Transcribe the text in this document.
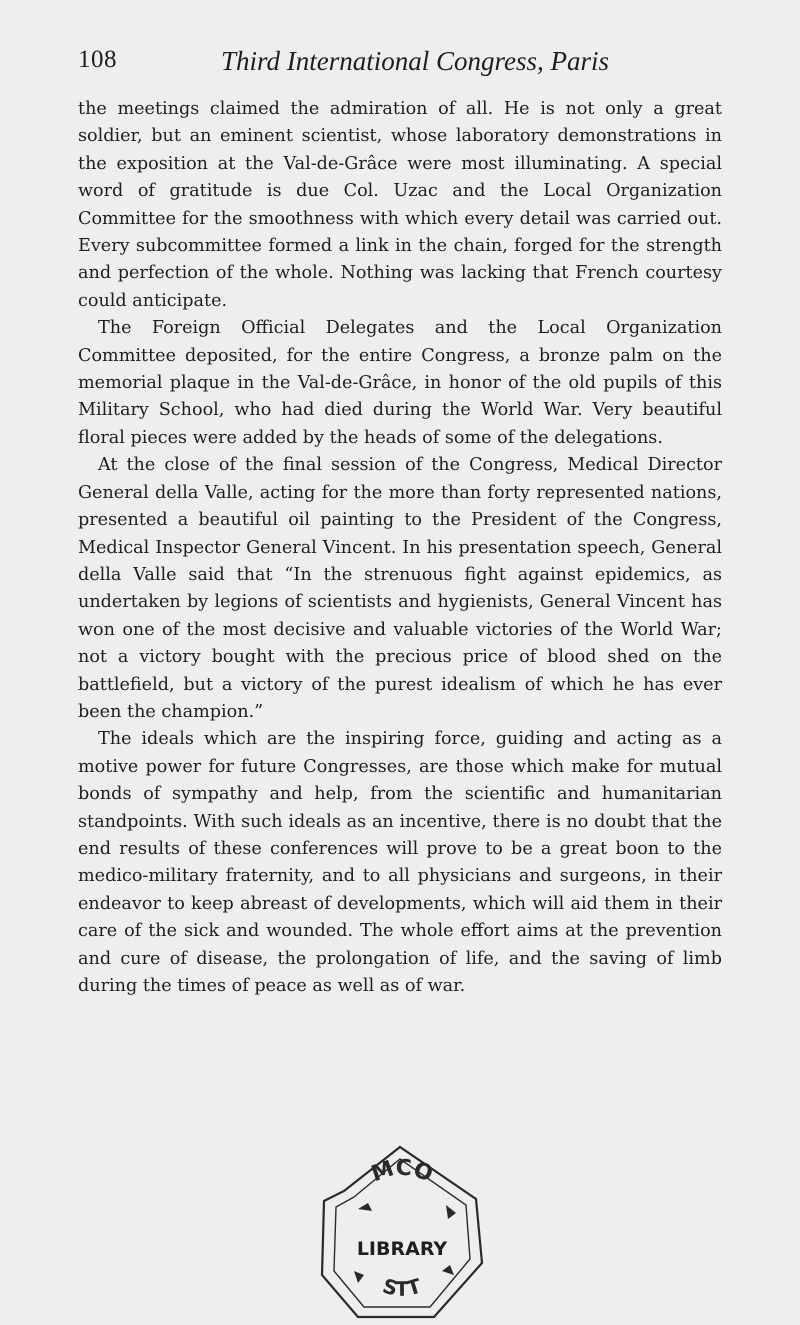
108	Third International Congress, Paris

the meetings claimed the admiration of all. He is not only a great soldier, but an eminent scientist, whose laboratory demonstrations in the exposition at the Val-de-Grâce were most illuminating. A special word of gratitude is due Col. Uzac and the Local Organization Committee for the smoothness with which every detail was carried out. Every subcommittee formed a link in the chain, forged for the strength and perfection of the whole. Nothing was lacking that French courtesy could anticipate.

The Foreign Official Delegates and the Local Organization Committee deposited, for the entire Congress, a bronze palm on the memorial plaque in the Val-de-Grâce, in honor of the old pupils of this Military School, who had died during the World War. Very beautiful floral pieces were added by the heads of some of the delegations.

At the close of the final session of the Congress, Medical Director General della Valle, acting for the more than forty represented nations, presented a beautiful oil painting to the President of the Congress, Medical Inspector General Vincent. In his presentation speech, General della Valle said that “In the strenuous fight against epidemics, as undertaken by legions of scientists and hygienists, General Vincent has won one of the most decisive and valuable victories of the World War; not a victory bought with the precious price of blood shed on the battlefield, but a victory of the purest idealism of which he has ever been the champion.”

The ideals which are the inspiring force, guiding and acting as a motive power for future Congresses, are those which make for mutual bonds of sympathy and help, from the scientific and humanitarian standpoints. With such ideals as an incentive, there is no doubt that the end results of these conferences will prove to be a great boon to the medico-military fraternity, and to all physicians and surgeons, in their endeavor to keep abreast of developments, which will aid them in their care of the sick and wounded. The whole effort aims at the prevention and cure of disease, the prolongation of life, and the saving of limb during the times of peace as well as of war.

MCO
LIBRARY
STT
